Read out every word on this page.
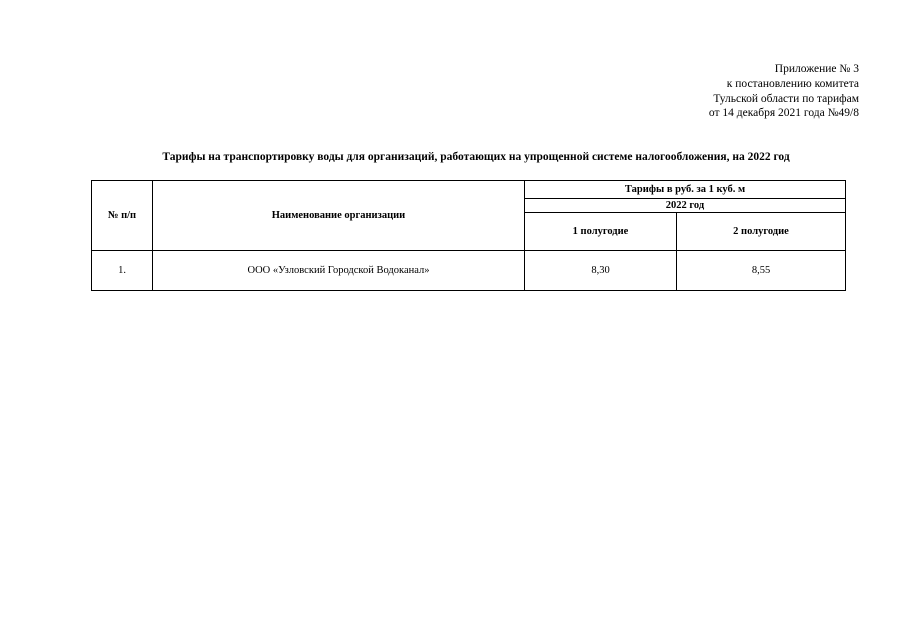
Приложение № 3
к постановлению комитета
Тульской области по тарифам
от 14 декабря 2021 года №49/8
Тарифы на транспортировку воды для организаций, работающих на упрощенной системе налогообложения, на 2022 год
№ п/п	Наименование организации	Тарифы в руб. за 1 куб. м	
		2022 год	
		1 полугодие	2 полугодие
1.	ООО «Узловский Городской Водоканал»	8,30	8,55
